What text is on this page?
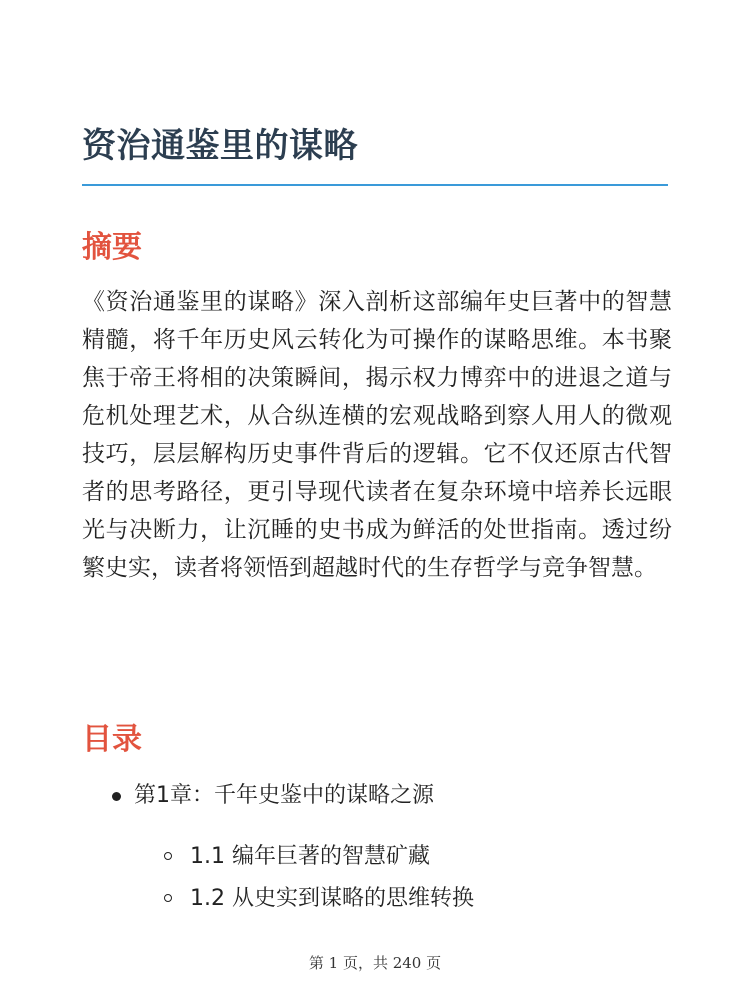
资治通鉴里的谋略
摘要

《资治通鉴里的谋略》深入剖析这部编年史巨著中的智慧精髓，将千年历史风云转化为可操作的谋略思维。本书聚焦于帝王将相的决策瞬间，揭示权力博弈中的进退之道与危机处理艺术，从合纵连横的宏观战略到察人用人的微观技巧，层层解构历史事件背后的逻辑。它不仅还原古代智者的思考路径，更引导现代读者在复杂环境中培养长远眼光与决断力，让沉睡的史书成为鲜活的处世指南。透过纷繁史实，读者将领悟到超越时代的生存哲学与竞争智慧。

目录
第1章：千年史鉴中的谋略之源
1.1 编年巨著的智慧矿藏
1.2 从史实到谋略的思维转换
第 1 页，共 240 页
